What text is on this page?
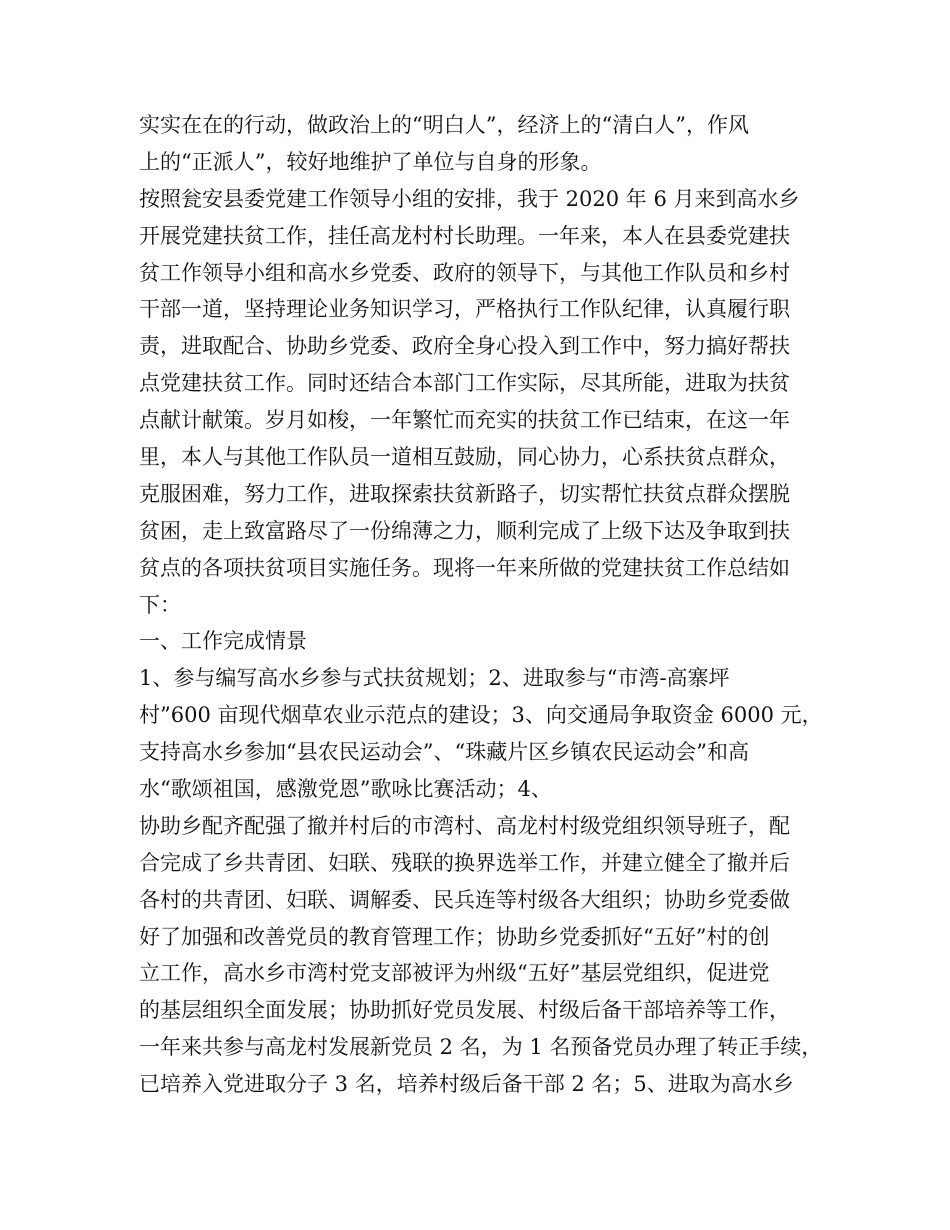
实实在在的行动，做政治上的“明白人”，经济上的“清白人”，作风
上的“正派人”，较好地维护了单位与自身的形象。
按照瓮安县委党建工作领导小组的安排，我于 2020 年 6 月来到高水乡
开展党建扶贫工作，挂任高龙村村长助理。一年来，本人在县委党建扶
贫工作领导小组和高水乡党委、政府的领导下，与其他工作队员和乡村
干部一道，坚持理论业务知识学习，严格执行工作队纪律，认真履行职
责，进取配合、协助乡党委、政府全身心投入到工作中，努力搞好帮扶
点党建扶贫工作。同时还结合本部门工作实际，尽其所能，进取为扶贫
点献计献策。岁月如梭，一年繁忙而充实的扶贫工作已结束，在这一年
里，本人与其他工作队员一道相互鼓励，同心协力，心系扶贫点群众，
克服困难，努力工作，进取探索扶贫新路子，切实帮忙扶贫点群众摆脱
贫困，走上致富路尽了一份绵薄之力，顺利完成了上级下达及争取到扶
贫点的各项扶贫项目实施任务。现将一年来所做的党建扶贫工作总结如
下：
一、工作完成情景
1、参与编写高水乡参与式扶贫规划；2、进取参与“市湾-高寨坪
村”600 亩现代烟草农业示范点的建设；3、向交通局争取资金 6000 元，
支持高水乡参加“县农民运动会”、“珠藏片区乡镇农民运动会”和高
水“歌颂祖国，感激党恩”歌咏比赛活动；4、
协助乡配齐配强了撤并村后的市湾村、高龙村村级党组织领导班子，配
合完成了乡共青团、妇联、残联的换界选举工作，并建立健全了撤并后
各村的共青团、妇联、调解委、民兵连等村级各大组织；协助乡党委做
好了加强和改善党员的教育管理工作；协助乡党委抓好“五好”村的创
立工作，高水乡市湾村党支部被评为州级“五好”基层党组织，促进党
的基层组织全面发展；协助抓好党员发展、村级后备干部培养等工作，
一年来共参与高龙村发展新党员 2 名，为 1 名预备党员办理了转正手续，
已培养入党进取分子 3 名，培养村级后备干部 2 名；5、进取为高水乡
